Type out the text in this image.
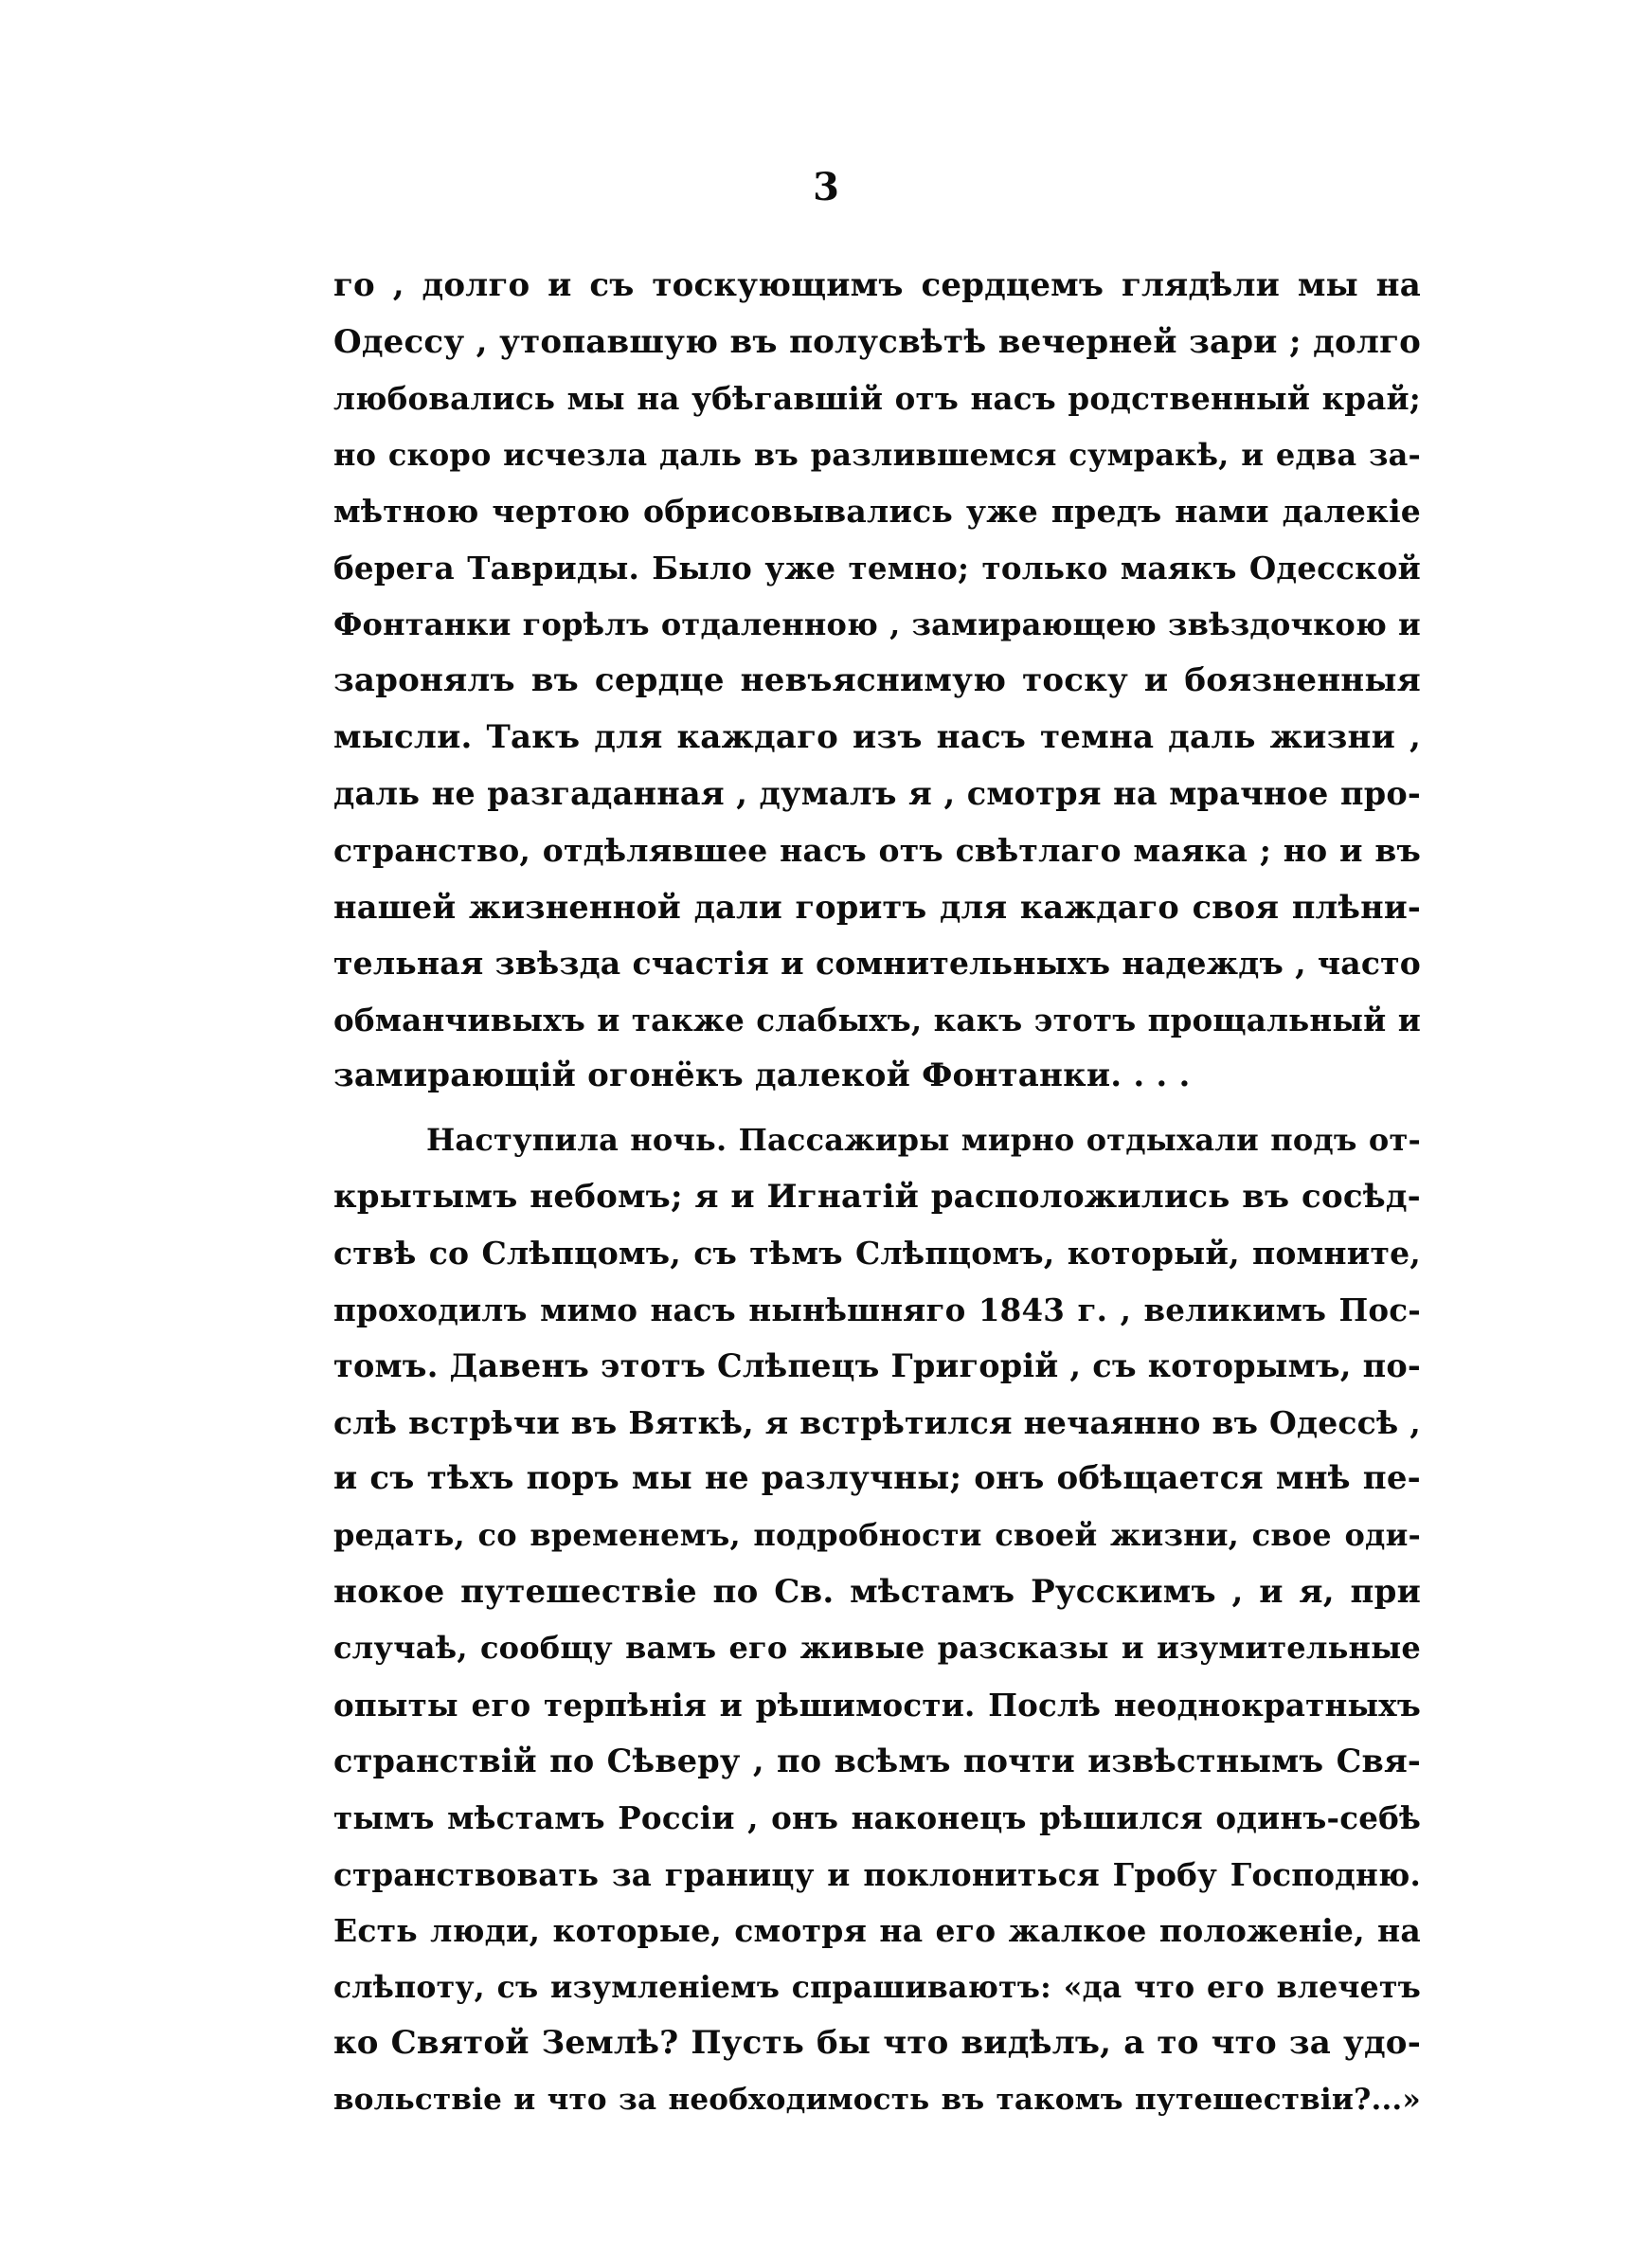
3
го , долго и съ тоскующимъ сердцемъ глядѣли мы на
Одессу , утопавшую въ полусвѣтѣ вечерней зари ; долго
любовались мы на убѣгавшій отъ насъ родственный край;
но скоро исчезла даль въ разлившемся сумракѣ, и едва за-
мѣтною чертою обрисовывались уже предъ нами далекіе
берега Тавриды. Было уже темно; только маякъ Одесской
Фонтанки горѣлъ отдаленною , замирающею звѣздочкою и
заронялъ въ сердце невъяснимую тоску и боязненныя
мысли. Такъ для каждаго изъ насъ темна даль жизни ,
даль не разгаданная , думалъ я , смотря на мрачное про-
странство, отдѣлявшее насъ отъ свѣтлаго маяка ; но и въ
нашей жизненной дали горитъ для каждаго своя плѣни-
тельная звѣзда счастія и сомнительныхъ надеждъ , часто
обманчивыхъ и также слабыхъ, какъ этотъ прощальный и
замирающій огонёкъ далекой Фонтанки. . . .
Наступила ночь. Пассажиры мирно отдыхали подъ от-
крытымъ небомъ; я и Игнатій расположились въ сосѣд-
ствѣ со Слѣпцомъ, съ тѣмъ Слѣпцомъ, который, помните,
проходилъ мимо насъ нынѣшняго 1843 г. , великимъ Пос-
томъ. Давенъ этотъ Слѣпецъ Григорій , съ которымъ, по-
слѣ встрѣчи въ Вяткѣ, я встрѣтился нечаянно въ Одессѣ ,
и съ тѣхъ поръ мы не разлучны; онъ обѣщается мнѣ пе-
редать, со временемъ, подробности своей жизни, свое оди-
нокое путешествіе по Св. мѣстамъ Русскимъ , и я, при
случаѣ, сообщу вамъ его живые разсказы и изумительные
опыты его терпѣнія и рѣшимости. Послѣ неоднократныхъ
странствій по Сѣверу , по всѣмъ почти извѣстнымъ Свя-
тымъ мѣстамъ Россіи , онъ наконецъ рѣшился одинъ-себѣ
странствовать за границу и поклониться Гробу Господню.
Есть люди, которые, смотря на его жалкое положеніе, на
слѣпоту, съ изумленіемъ спрашиваютъ: «да что его влечетъ
ко Святой Землѣ? Пусть бы что видѣлъ, а то что за удо-
вольствіе и что за необходимость въ такомъ путешествіи?...»
